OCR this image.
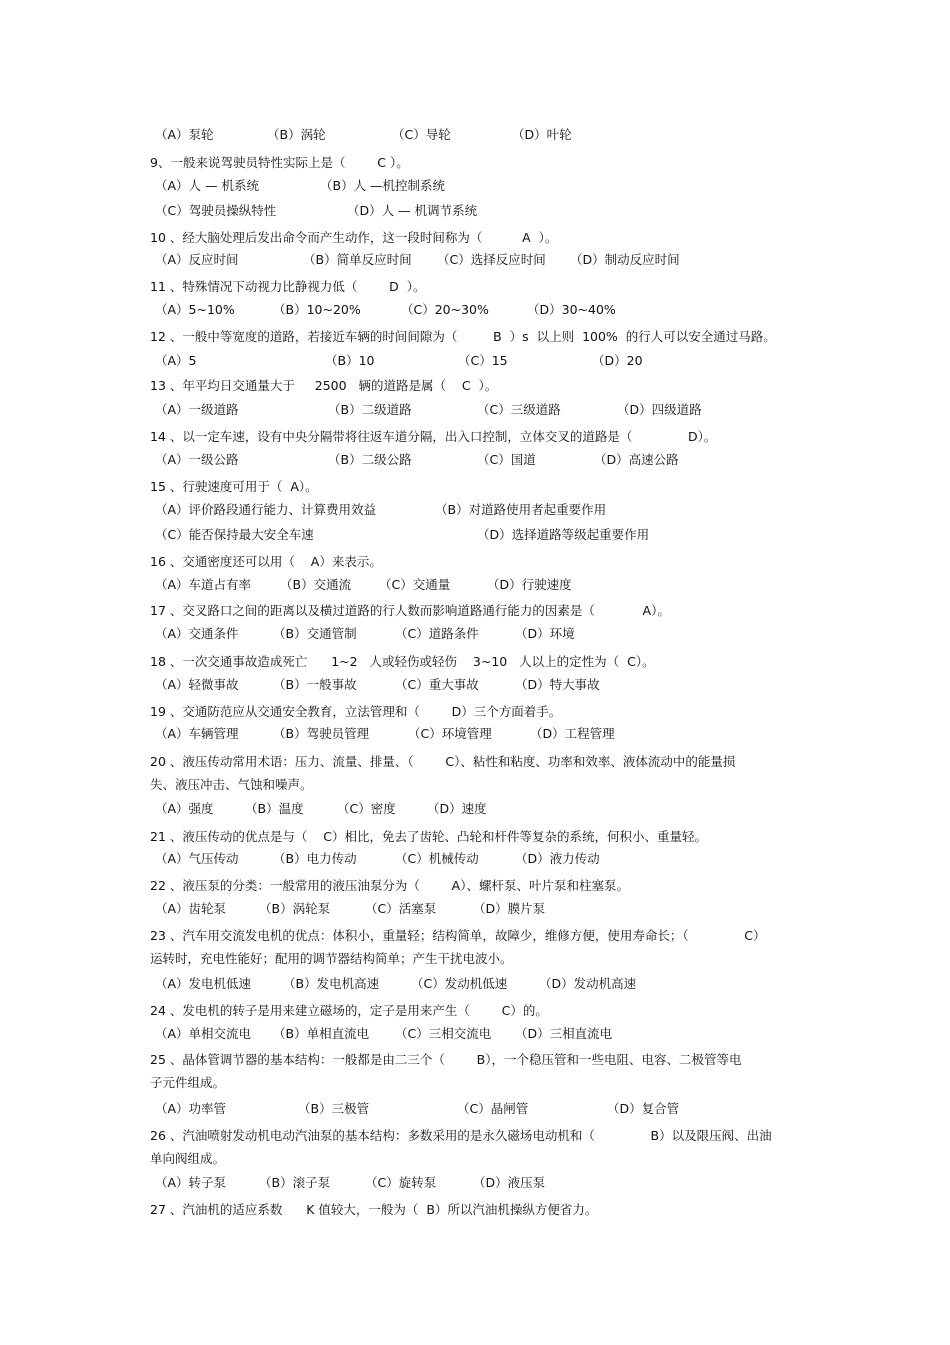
（A）泵轮	（B）涡轮	（C）导轮	（D）叶轮
9、一般来说驾驶员特性实际上是（        C ）。
（A）人 — 机系统	（B）人 —机控制系统
（C）驾驶员操纵特性	（D）人 — 机调节系统
10 、经大脑处理后发出命令而产生动作，这一段时间称为（          A  ）。
（A）反应时间	（B）简单反应时间 （C）选择反应时间 （D）制动反应时间
11 、特殊情况下动视力比静视力低（        D  ）。
（A）5~10%	（B）10~20%	（C）20~30%	（D）30~40%
12 、一般中等宽度的道路，若接近车辆的时间间隙为（         B  ）s  以上则  100%  的行人可以安全通过马路。
（A）5	（B）10	（C）15	（D）20
13 、年平均日交通量大于     2500   辆的道路是属（    C  ）。
（A）一级道路	（B）二级道路	（C）三级道路	（D）四级道路
14 、以一定车速，设有中央分隔带将往返车道分隔，出入口控制，立体交叉的道路是（              D）。
（A）一级公路	（B）二级公路	（C）国道	（D）高速公路
15 、行驶速度可用于（  A）。
（A）评价路段通行能力、计算费用效益	（B）对道路使用者起重要作用
（C）能否保持最大安全车速	（D）选择道路等级起重要作用
16 、交通密度还可以用（    A）来表示。
（A）车道占有率 （B）交通流 （C）交通量	（D）行驶速度
17 、交叉路口之间的距离以及横过道路的行人数而影响道路通行能力的因素是（            A）。
（A）交通条件	（B）交通管制	（C）道路条件	（D）环境
18 、一次交通事故造成死亡      1~2   人或轻伤或轻伤    3~10   人以上的定性为（  C）。
（A）轻微事故	（B）一般事故	（C）重大事故	（D）特大事故
19 、交通防范应从交通安全教育，立法管理和（        D）三个方面着手。
（A）车辆管理	（B）驾驶员管理	（C）环境管理	（D）工程管理
20 、液压传动常用术语：压力、流量、排量、（        C）、粘性和粘度、功率和效率、液体流动中的能量损
失、液压冲击、气蚀和噪声。
（A）强度	（B）温度	（C）密度	（D）速度
21 、液压传动的优点是与（    C）相比，免去了齿轮、凸轮和杆件等复杂的系统，何积小、重量轻。
（A）气压传动	（B）电力传动	（C）机械传动	（D）液力传动
22 、液压泵的分类：一般常用的液压油泵分为（        A）、螺杆泵、叶片泵和柱塞泵。
（A）齿轮泵	（B）涡轮泵	（C）活塞泵	（D）膜片泵
23 、汽车用交流发电机的优点：体积小，重量轻；结构简单，故障少，维修方便，使用寿命长；（              C）
运转时，充电性能好；配用的调节器结构简单；产生干扰电波小。
（A）发电机低速	（B）发电机高速	（C）发动机低速	（D）发动机高速
24 、发电机的转子是用来建立磁场的，定子是用来产生（        C）的。
（A）单相交流电 （B）单相直流电 （C）三相交流电 （D）三相直流电
25 、晶体管调节器的基本结构：一般都是由二三个（        B），一个稳压管和一些电阻、电容、二极管等电
子元件组成。
（A）功率管	（B）三极管	（C）晶闸管	（D）复合管
26 、汽油喷射发动机电动汽油泵的基本结构：多数采用的是永久磁场电动机和（              B）以及限压阀、出油
单向阀组成。
（A）转子泵	（B）滚子泵	（C）旋转泵	（D）液压泵
27 、汽油机的适应系数      K 值较大，一般为（  B）所以汽油机操纵方便省力。
